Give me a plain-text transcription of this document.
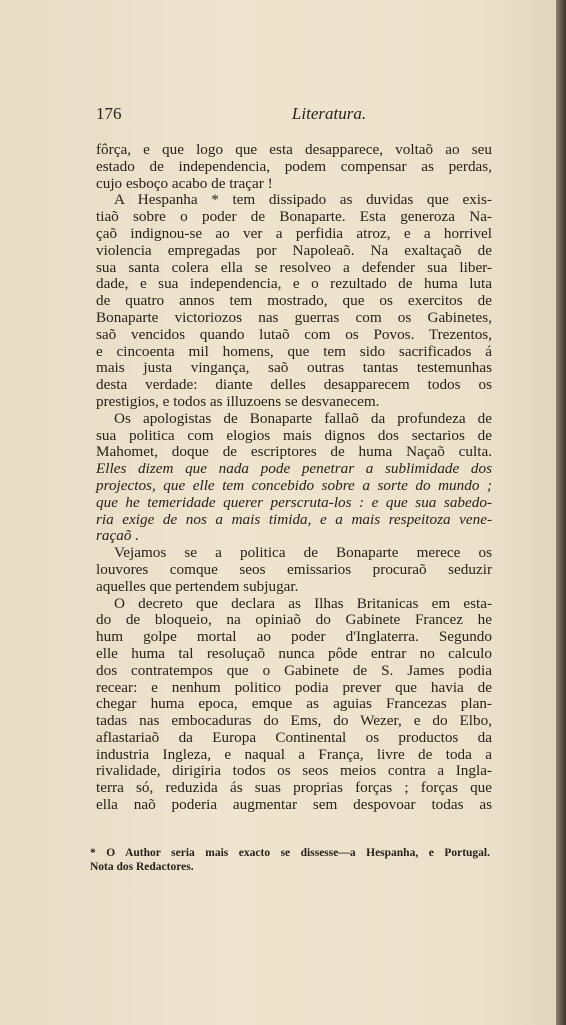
176	Literatura.
fôrça, e que logo que esta desapparece, voltaõ ao seu
estado de independencia, podem compensar as perdas,
cujo esboço acabo de traçar !
A Hespanha * tem dissipado as duvidas que exis-
tiaõ sobre o poder de Bonaparte. Esta generoza Na-
çaõ indignou-se ao ver a perfidia atroz, e a horrivel
violencia empregadas por Napoleaõ. Na exaltaçaõ de
sua santa colera ella se resolveo a defender sua liber-
dade, e sua independencia, e o rezultado de huma luta
de quatro annos tem mostrado, que os exercitos de
Bonaparte victoriozos nas guerras com os Gabinetes,
saõ vencidos quando lutaõ com os Povos. Trezentos,
e cincoenta mil homens, que tem sido sacrificados á
mais justa vingança, saõ outras tantas testemunhas
desta verdade: diante delles desapparecem todos os
prestigios, e todos as illuzoens se desvanecem.
Os apologistas de Bonaparte fallaõ da profundeza de
sua politica com elogios mais dignos dos sectarios de
Mahomet, doque de escriptores de huma Naçaõ culta.
Elles dizem que nada pode penetrar a sublimidade dos
projectos, que elle tem concebido sobre a sorte do mundo ;
que he temeridade querer perscruta-los : e que sua sabedo-
ria exige de nos a mais timida, e a mais respeitoza vene-
raçaõ .
Vejamos se a politica de Bonaparte merece os
louvores comque seos emissarios procuraõ seduzir
aquelles que pertendem subjugar.
O decreto que declara as Ilhas Britanicas em esta-
do de bloqueio, na opiniaõ do Gabinete Francez he
hum golpe mortal ao poder d'Inglaterra. Segundo
elle huma tal resoluçaõ nunca pôde entrar no calculo
dos contratempos que o Gabinete de S. James podia
recear: e nenhum politico podia prever que havia de
chegar huma epoca, emque as aguias Francezas plan-
tadas nas embocaduras do Ems, do Wezer, e do Elbo,
aflastariaõ da Europa Continental os productos da
industria Ingleza, e naqual a França, livre de toda a
rivalidade, dirigiria todos os seos meios contra a Ingla-
terra só, reduzida ás suas proprias forças ; forças que
ella naõ poderia augmentar sem despovoar todas as
* O Author seria mais exacto se dissesse—a Hespanha, e Portugal.
Nota dos Redactores.
